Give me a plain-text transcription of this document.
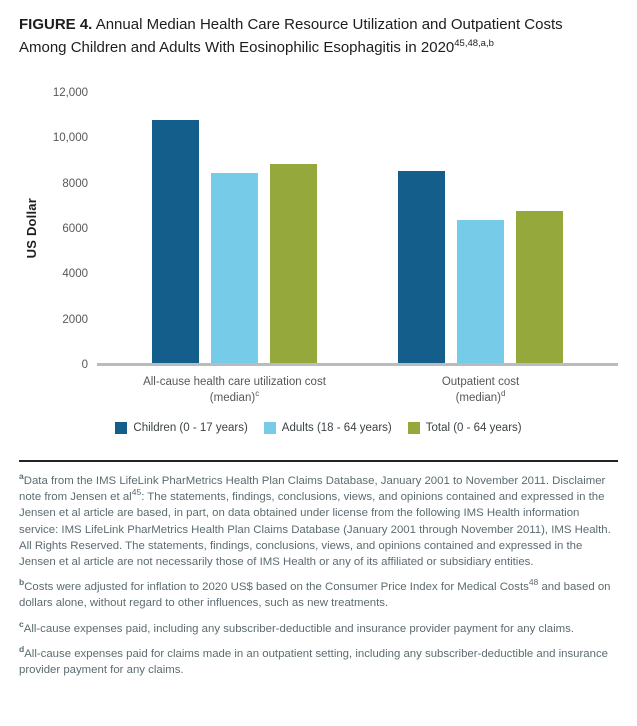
FIGURE 4. Annual Median Health Care Resource Utilization and Outpatient Costs Among Children and Adults With Eosinophilic Esophagitis in 2020$^{45,48,a,b}$
US Dollar
0
2000
4000
6000
8000
10,000
12,000
All-cause health care utilization cost
(median)$^c$
Outpatient cost
(median)$^d$
Children (0 - 17 years)	Adults (18 - 64 years)	Total (0 - 64 years)

$^a$Data from the IMS LifeLink PharMetrics Health Plan Claims Database, January 2001 to November 2011. Disclaimer note from Jensen et $al^{45}$: The statements, findings, conclusions, views, and opinions contained and expressed in the Jensen et al article are based, in part, on data obtained under license from the following IMS Health information service: IMS LifeLink PharMetrics Health Plan Claims Database (January 2001 through November 2011), IMS Health. All Rights Reserved. The statements, findings, conclusions, views, and opinions contained and expressed in the Jensen et al article are not necessarily those of IMS Health or any of its affiliated or subsidiary entities.

$^b$Costs were adjusted for inflation to 2020 US$ based on the Consumer Price Index for Medical Costs$^{48}$ and based on dollars alone, without regard to other influences, such as new treatments.

$^c$All-cause expenses paid, including any subscriber-deductible and insurance provider payment for any claims.

$^d$All-cause expenses paid for claims made in an outpatient setting, including any subscriber-deductible and insurance provider payment for any claims.
